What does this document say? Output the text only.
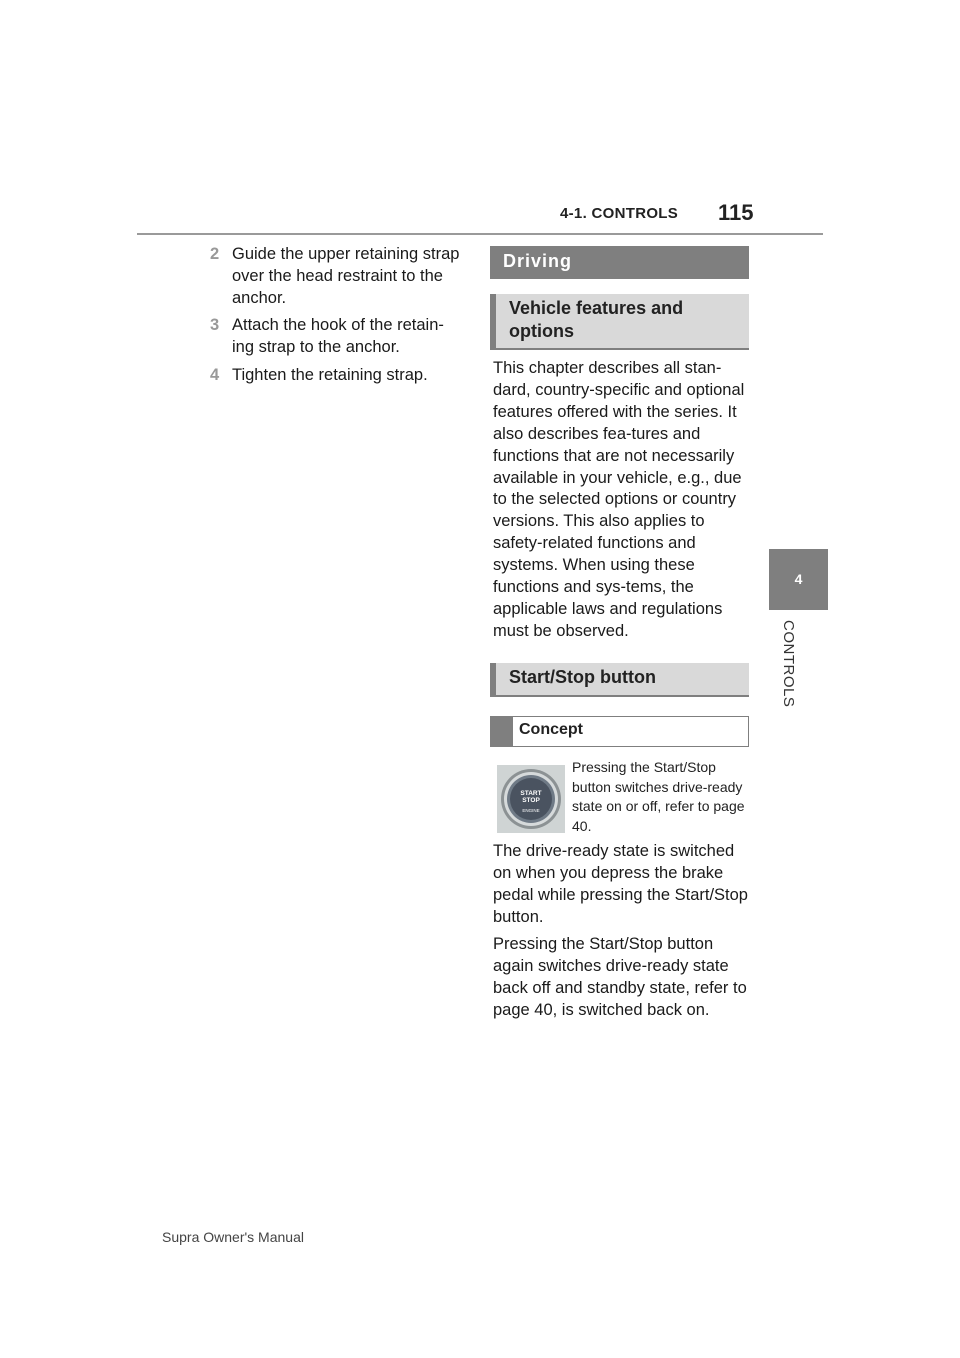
4-1. CONTROLS 115
4
CONTROLS
2 Guide the upper retaining strap over the head restraint to the anchor.
3 Attach the hook of the retain-ing strap to the anchor.
4 Tighten the retaining strap.
Driving
Vehicle features and options
This chapter describes all stan-dard, country-specific and optional features offered with the series. It also describes fea-tures and functions that are not necessarily available in your vehicle, e.g., due to the selected options or country versions. This also applies to safety-related functions and systems. When using these functions and sys-tems, the applicable laws and regulations must be observed.
Start/Stop button
Concept
START
STOP
ENGINE
Pressing the Start/Stop button switches drive-ready state on or off, refer to page 40.
The drive-ready state is switched on when you depress the brake pedal while pressing the Start/Stop button.
Pressing the Start/Stop button again switches drive-ready state back off and standby state, refer to page 40, is switched back on.
Supra Owner's Manual
